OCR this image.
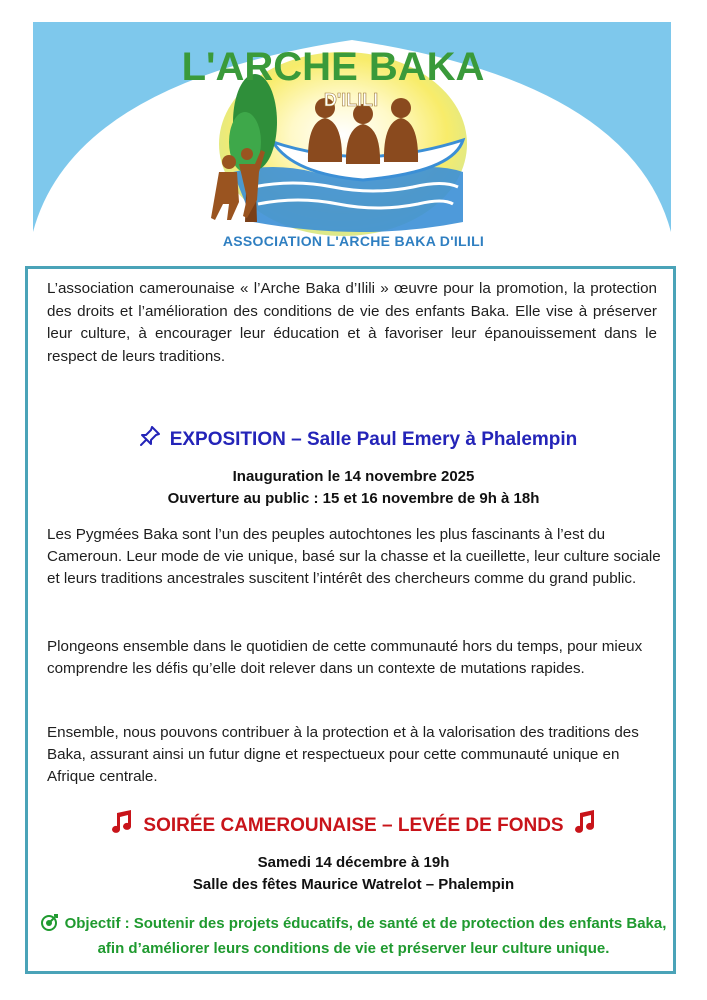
L'ARCHE BAKA
D'ILILI
ASSOCIATION L'ARCHE BAKA D'ILILI
L’association camerounaise « l’Arche Baka d’Ilili » œuvre pour la promotion, la protection des droits et l’amélioration des conditions de vie des enfants Baka. Elle vise à préserver leur culture, à encourager leur éducation et à favoriser leur épanouissement dans le respect de leurs traditions.
EXPOSITION – Salle Paul Emery à Phalempin
Inauguration le 14 novembre 2025
Ouverture au public : 15 et 16 novembre de 9h à 18h
Les Pygmées Baka sont l’un des peuples autochtones les plus fascinants à l’est du Cameroun. Leur mode de vie unique, basé sur la chasse et la cueillette, leur culture sociale et leurs traditions ancestrales suscitent l’intérêt des chercheurs comme du grand public.
Plongeons ensemble dans le quotidien de cette communauté hors du temps, pour mieux comprendre les défis qu’elle doit relever dans un contexte de mutations rapides.
Ensemble, nous pouvons contribuer à la protection et à la valorisation des traditions des Baka, assurant ainsi un futur digne et respectueux pour cette communauté unique en Afrique centrale.
SOIRÉE CAMEROUNAISE – LEVÉE DE FONDS
Samedi 14 décembre à 19h
Salle des fêtes Maurice Watrelot – Phalempin
Objectif : Soutenir des projets éducatifs, de santé et de protection des enfants Baka, afin d’améliorer leurs conditions de vie et préserver leur culture unique.
